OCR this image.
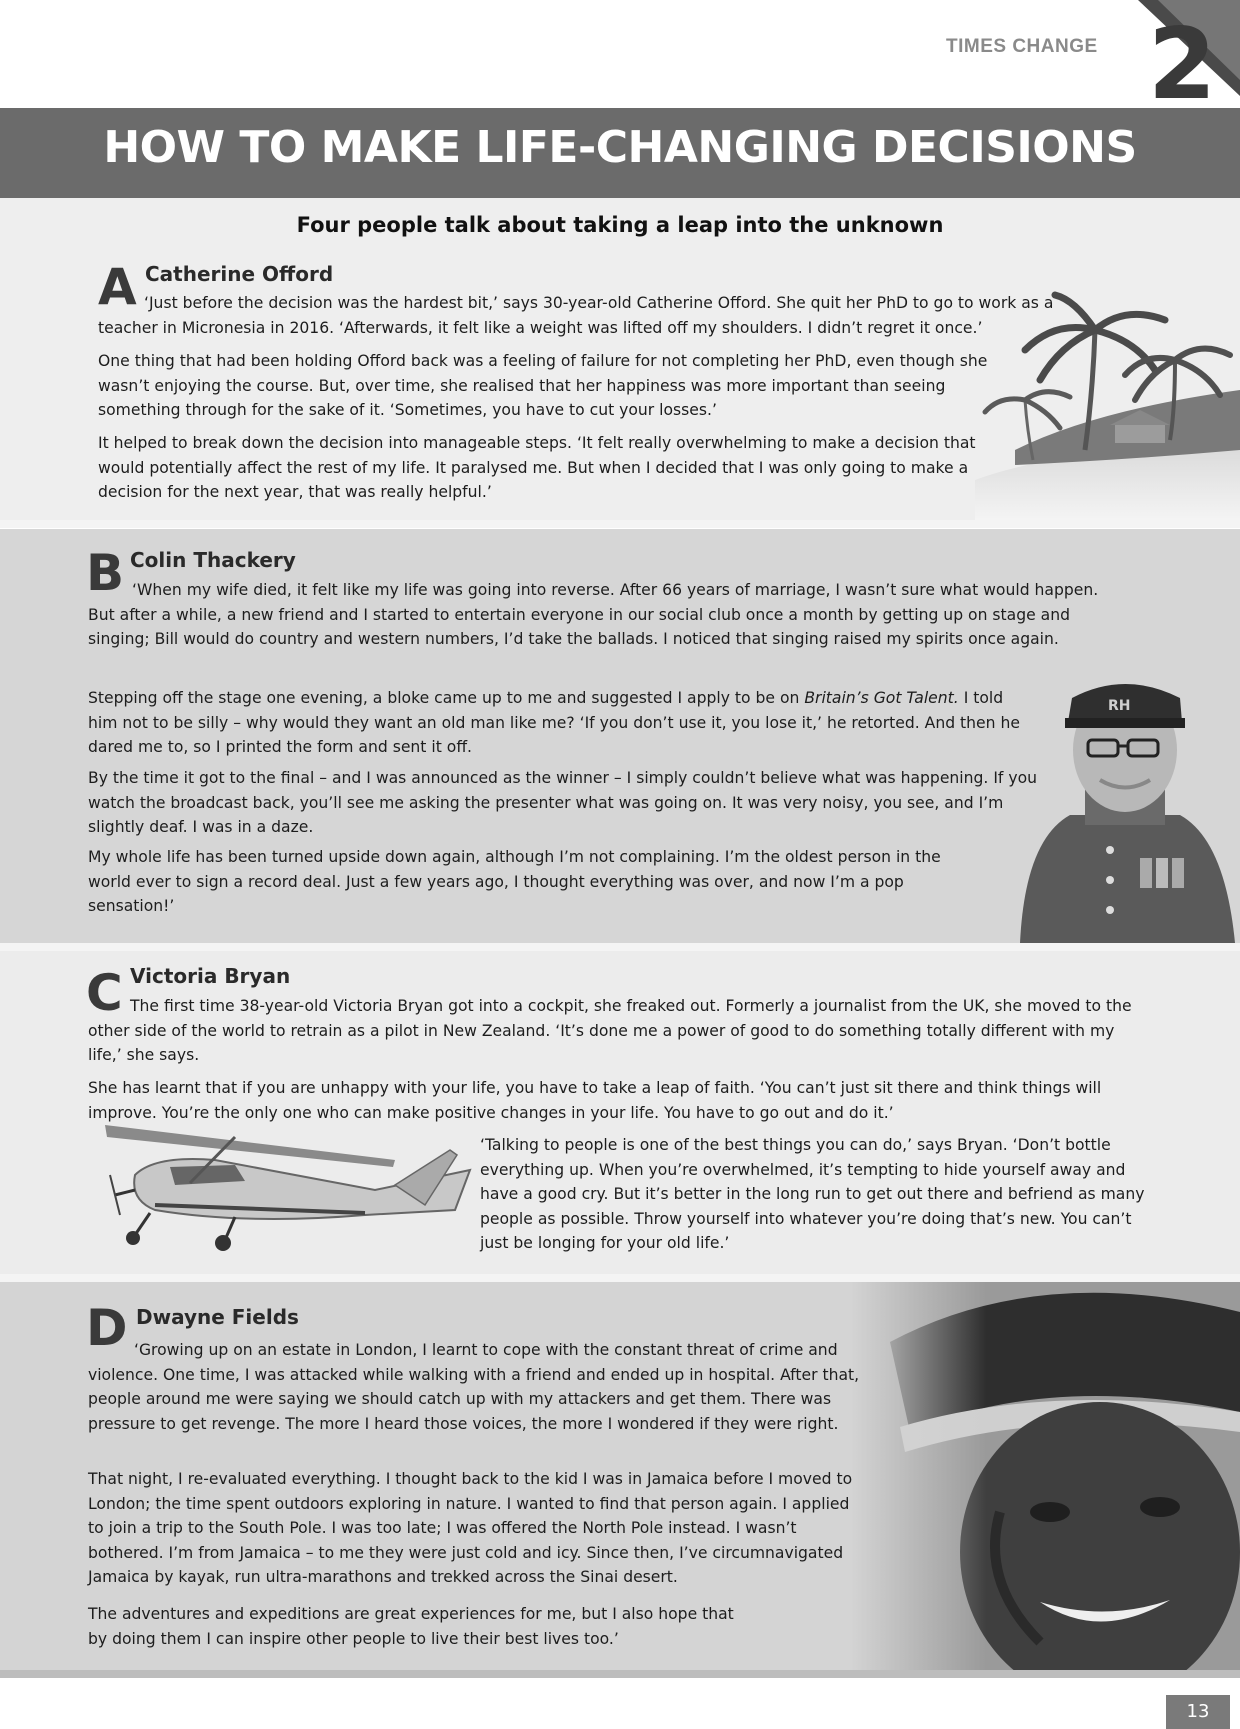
TIMES CHANGE 2
HOW TO MAKE LIFE-CHANGING DECISIONS
Four people talk about taking a leap into the unknown
A Catherine Offord

‘Just before the decision was the hardest bit,’ says 30-year-old Catherine Offord. She quit her PhD to go to work as a teacher in Micronesia in 2016. ‘Afterwards, it felt like a weight was lifted off my shoulders. I didn’t regret it once.’

One thing that had been holding Offord back was a feeling of failure for not completing her PhD, even though she wasn’t enjoying the course. But, over time, she realised that her happiness was more important than seeing something through for the sake of it. ‘Sometimes, you have to cut your losses.’

It helped to break down the decision into manageable steps. ‘It felt really overwhelming to make a decision that would potentially affect the rest of my life. It paralysed me. But when I decided that I was only going to make a decision for the next year, that was really helpful.’

RH
B Colin Thackery

‘When my wife died, it felt like my life was going into reverse. After 66 years of marriage, I wasn’t sure what would happen. But after a while, a new friend and I started to entertain everyone in our social club once a month by getting up on stage and singing; Bill would do country and western numbers, I’d take the ballads. I noticed that singing raised my spirits once again.

Stepping off the stage one evening, a bloke came up to me and suggested I apply to be on Britain’s Got Talent. I told him not to be silly – why would they want an old man like me? ‘If you don’t use it, you lose it,’ he retorted. And then he dared me to, so I printed the form and sent it off.

By the time it got to the final – and I was announced as the winner – I simply couldn’t believe what was happening. If you watch the broadcast back, you’ll see me asking the presenter what was going on. It was very noisy, you see, and I’m slightly deaf. I was in a daze.

My whole life has been turned upside down again, although I’m not complaining. I’m the oldest person in the world ever to sign a record deal. Just a few years ago, I thought everything was over, and now I’m a pop sensation!’

C Victoria Bryan

The first time 38-year-old Victoria Bryan got into a cockpit, she freaked out. Formerly a journalist from the UK, she moved to the other side of the world to retrain as a pilot in New Zealand. ‘It’s done me a power of good to do something totally different with my life,’ she says.

She has learnt that if you are unhappy with your life, you have to take a leap of faith. ‘You can’t just sit there and think things will improve. You’re the only one who can make positive changes in your life. You have to go out and do it.’

‘Talking to people is one of the best things you can do,’ says Bryan. ‘Don’t bottle everything up. When you’re overwhelmed, it’s tempting to hide yourself away and have a good cry. But it’s better in the long run to get out there and befriend as many people as possible. Throw yourself into whatever you’re doing that’s new. You can’t just be longing for your old life.’

D Dwayne Fields

‘Growing up on an estate in London, I learnt to cope with the constant threat of crime and violence. One time, I was attacked while walking with a friend and ended up in hospital. After that, people around me were saying we should catch up with my attackers and get them. There was pressure to get revenge. The more I heard those voices, the more I wondered if they were right.

That night, I re-evaluated everything. I thought back to the kid I was in Jamaica before I moved to London; the time spent outdoors exploring in nature. I wanted to find that person again. I applied to join a trip to the South Pole. I was too late; I was offered the North Pole instead. I wasn’t bothered. I’m from Jamaica – to me they were just cold and icy. Since then, I’ve circumnavigated Jamaica by kayak, run ultra-marathons and trekked across the Sinai desert.

The adventures and expeditions are great experiences for me, but I also hope that by doing them I can inspire other people to live their best lives too.’

13
